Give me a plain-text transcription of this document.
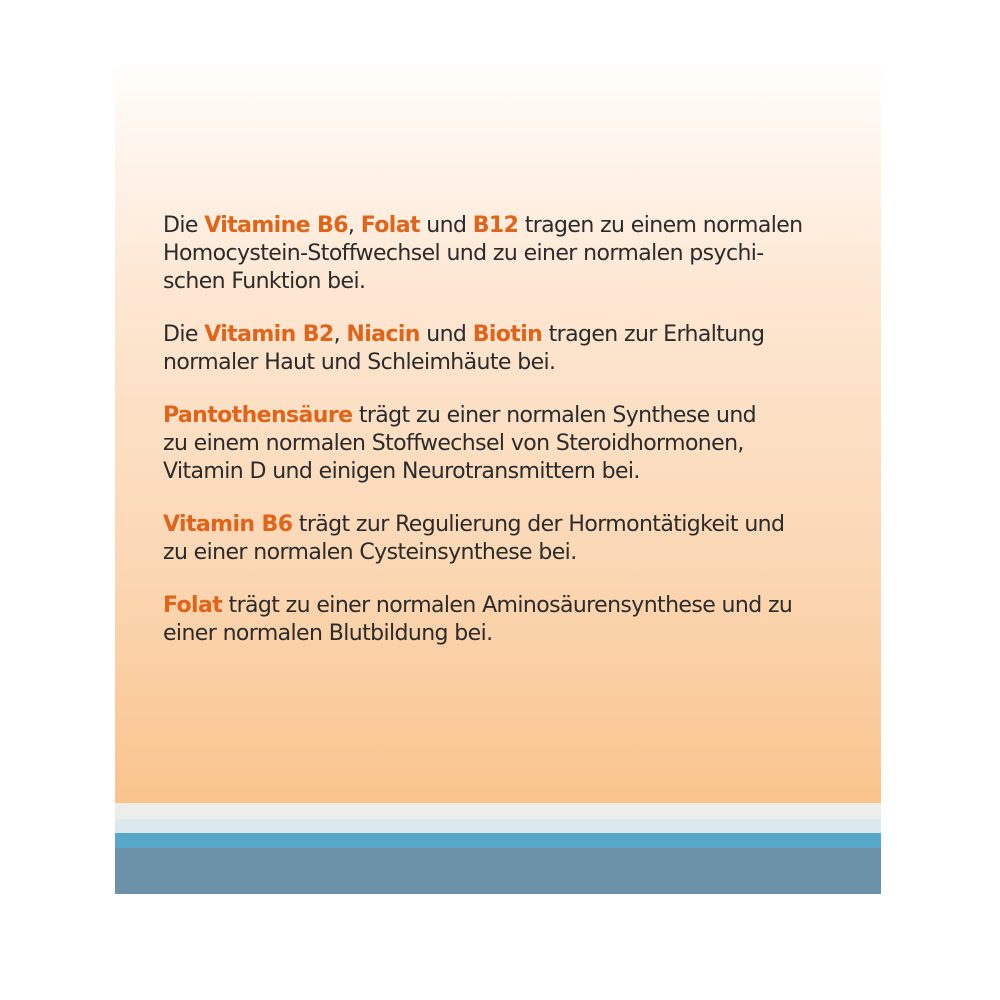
Die Vitamine B6, Folat und B12 tragen zu einem normalen
Homocystein-Stoffwechsel und zu einer normalen psychi-
schen Funktion bei.

Die Vitamin B2, Niacin und Biotin tragen zur Erhaltung
normaler Haut und Schleimhäute bei.

Pantothensäure trägt zu einer normalen Synthese und
zu einem normalen Stoffwechsel von Steroidhormonen,
Vitamin D und einigen Neurotransmittern bei.

Vitamin B6 trägt zur Regulierung der Hormontätigkeit und
zu einer normalen Cysteinsynthese bei.

Folat trägt zu einer normalen Aminosäurensynthese und zu
einer normalen Blutbildung bei.
